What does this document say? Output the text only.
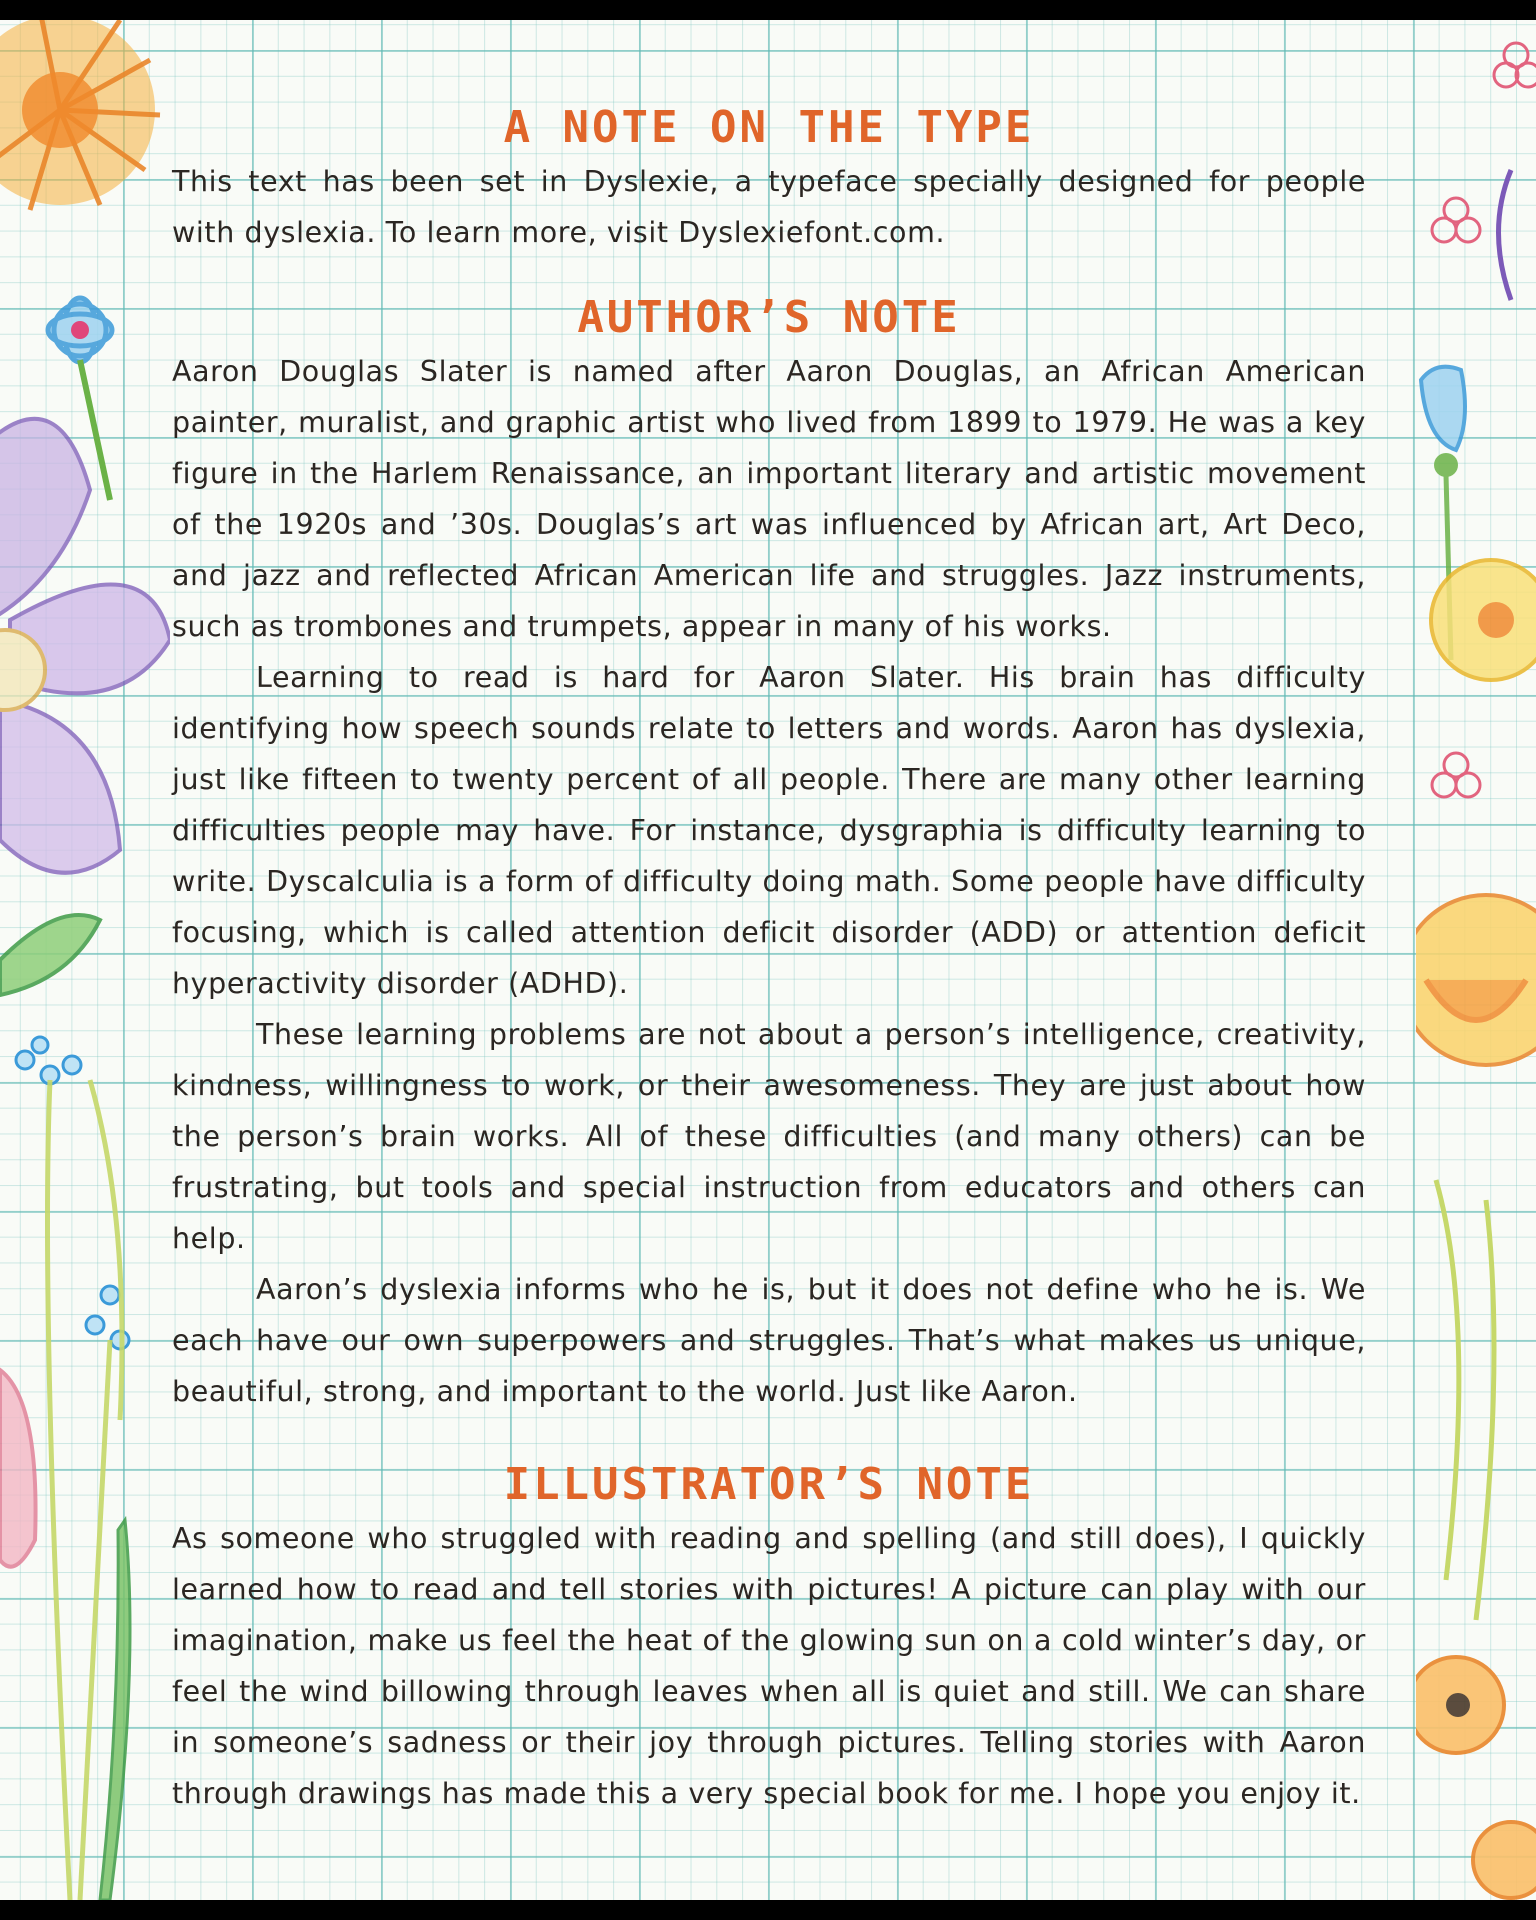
A NOTE ON THE TYPE

This text has been set in Dyslexie, a typeface specially designed for people with dyslexia. To learn more, visit Dyslexiefont.com.

AUTHOR’S NOTE

Aaron Douglas Slater is named after Aaron Douglas, an African American painter, muralist, and graphic artist who lived from 1899 to 1979. He was a key figure in the Harlem Renaissance, an important literary and artistic movement of the 1920s and ’30s. Douglas’s art was influenced by African art, Art Deco, and jazz and reflected African American life and struggles. Jazz instruments, such as trombones and trumpets, appear in many of his works.

Learning to read is hard for Aaron Slater. His brain has difficulty identifying how speech sounds relate to letters and words. Aaron has dyslexia, just like fifteen to twenty percent of all people. There are many other learning difficulties people may have. For instance, dysgraphia is difficulty learning to write. Dyscalculia is a form of difficulty doing math. Some people have difficulty focusing, which is called attention deficit disorder (ADD) or attention deficit hyperactivity disorder (ADHD).

These learning problems are not about a person’s intelligence, creativity, kindness, willingness to work, or their awesomeness. They are just about how the person’s brain works. All of these difficulties (and many others) can be frustrating, but tools and special instruction from educators and others can help.

Aaron’s dyslexia informs who he is, but it does not define who he is. We each have our own superpowers and struggles. That’s what makes us unique, beautiful, strong, and important to the world. Just like Aaron.

ILLUSTRATOR’S NOTE

As someone who struggled with reading and spelling (and still does), I quickly learned how to read and tell stories with pictures! A picture can play with our imagination, make us feel the heat of the glowing sun on a cold winter’s day, or feel the wind billowing through leaves when all is quiet and still. We can share in someone’s sadness or their joy through pictures. Telling stories with Aaron through drawings has made this a very special book for me. I hope you enjoy it.
